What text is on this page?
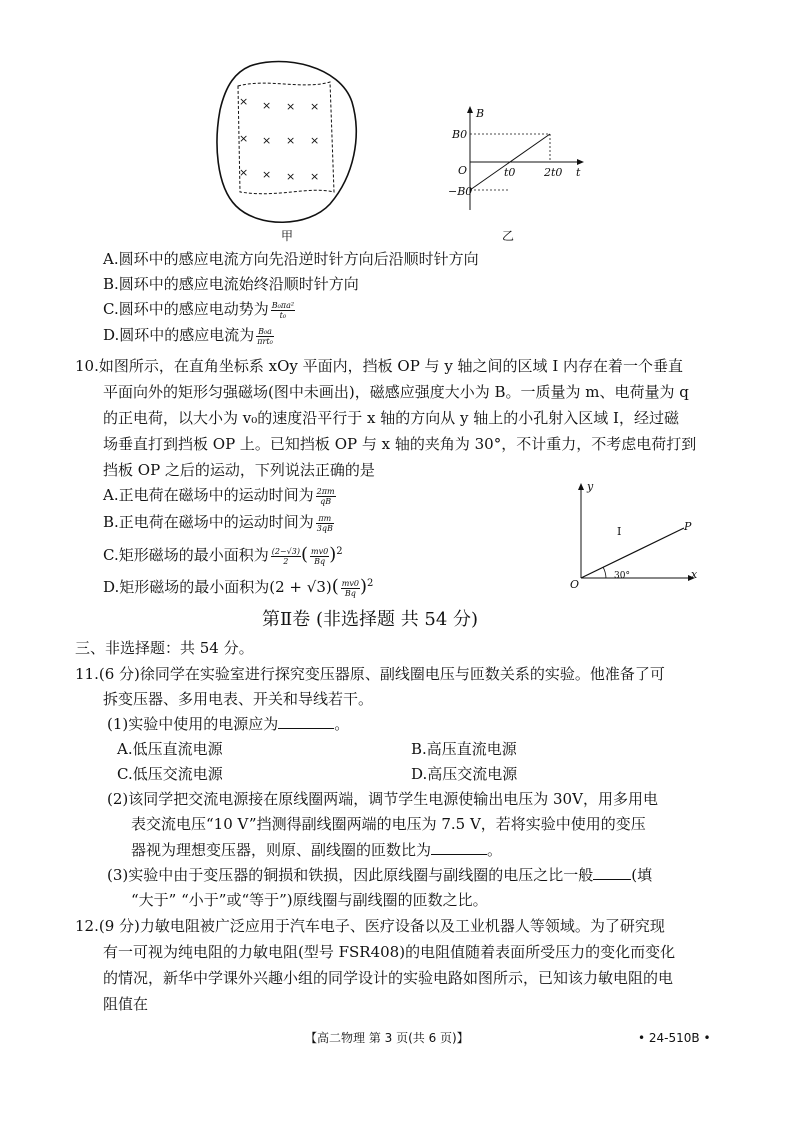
× × × ×
× × × ×
× × × ×
甲
B
t
B0
O
−B0
t0	2t0
乙
A.圆环中的感应电流方向先沿逆时针方向后沿顺时针方向
B.圆环中的感应电流始终沿顺时针方向
C.圆环中的感应电动势为 $\frac{\text{B₀πa²}}{\text{t₀}}$
D.圆环中的感应电流为 $\frac{\text{B₀a}}{\text{πrt₀}}$
10.如图所示，在直角坐标系 xOy 平面内，挡板 OP 与 y 轴之间的区域 I 内存在着一个垂直
平面向外的矩形匀强磁场(图中未画出)，磁感应强度大小为 B。一质量为 m、电荷量为 q
的正电荷，以大小为 v₀的速度沿平行于 x 轴的方向从 y 轴上的小孔射入区域 I，经过磁
场垂直打到挡板 OP 上。已知挡板 OP 与 x 轴的夹角为 30°，不计重力，不考虑电荷打到
挡板 OP 之后的运动，下列说法正确的是
A.正电荷在磁场中的运动时间为 $\frac{2\pi m}{qB}$
B.正电荷在磁场中的运动时间为 $\frac{\pi m}{3qB}$
C.矩形磁场的最小面积为 $\frac{(2-√3)}{2}$ ( $\frac{mv0}{Bq} )^2$
D.矩形磁场的最小面积为$(2 + √3)( \frac{mv0}{Bq} )^2$
y
x
O
P
I
30°
第Ⅱ卷 (非选择题 共 54 分)
三、非选择题：共 54 分。
11.(6 分)徐同学在实验室进行探究变压器原、副线圈电压与匝数关系的实验。他准备了可
拆变压器、多用电表、开关和导线若干。
(1)实验中使用的电源应为	。
A.低压直流电源	B.高压直流电源
C.低压交流电源	D.高压交流电源
(2)该同学把交流电源接在原线圈两端，调节学生电源使输出电压为 30V，用多用电
表交流电压“10 V”挡测得副线圈两端的电压为 7.5 V，若将实验中使用的变压
器视为理想变压器，则原、副线圈的匝数比为	。
(3)实验中由于变压器的铜损和铁损，因此原线圈与副线圈的电压之比一般	(填
“大于” “小于”或“等于”)原线圈与副线圈的匝数之比。
12.(9 分)力敏电阻被广泛应用于汽车电子、医疗设备以及工业机器人等领域。为了研究现
有一可视为纯电阻的力敏电阻(型号 FSR408)的电阻值随着表面所受压力的变化而变化
的情况，新华中学课外兴趣小组的同学设计的实验电路如图所示，已知该力敏电阻的电
阻值在
【高二物理 第 3 页(共 6 页)】	• 24-510B •
